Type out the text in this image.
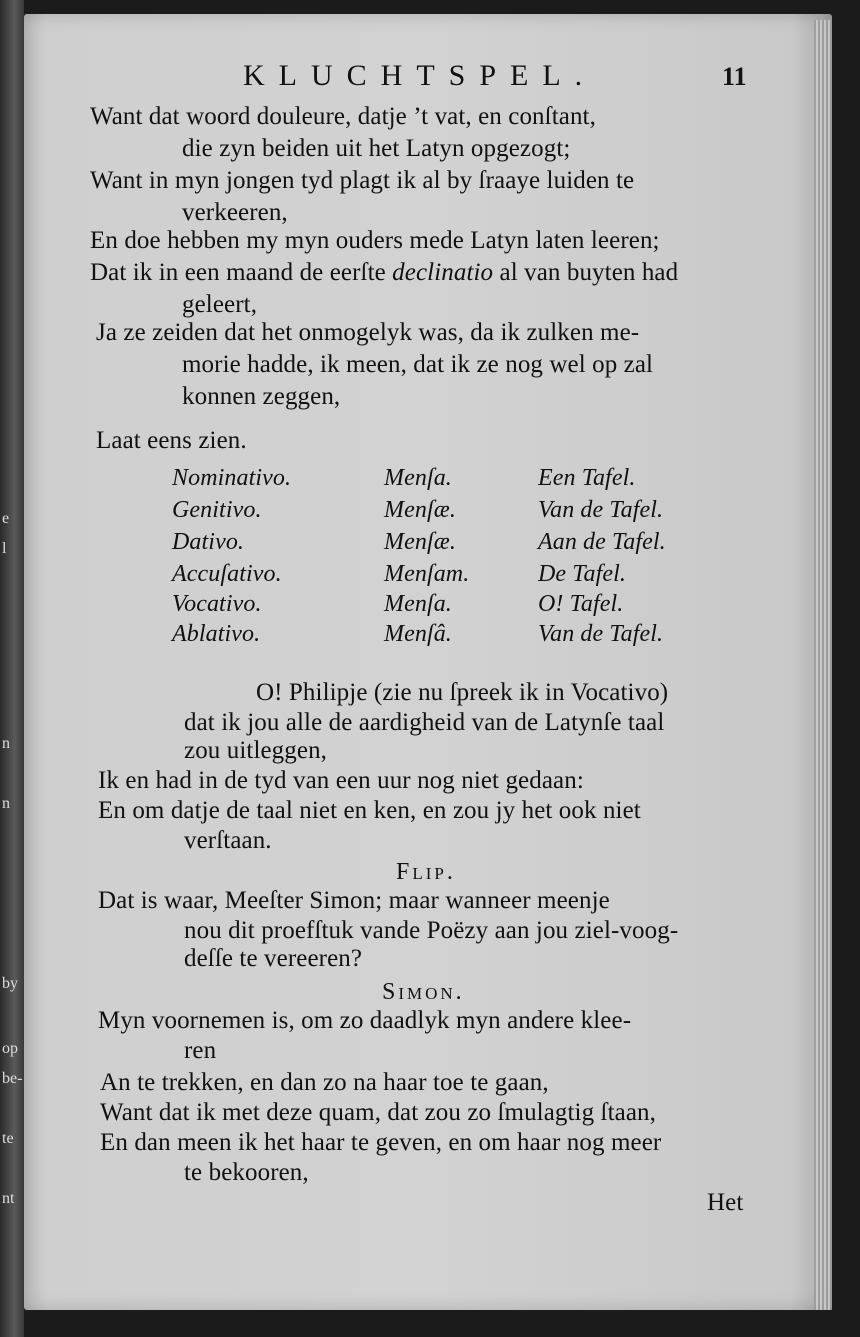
e
l
n
n
by
op
be-
te
nt
KLUCHTSPEL.	11
Want dat woord douleure, datje ’t vat, en conſtant,
die zyn beiden uit het Latyn opgezogt;
Want in myn jongen tyd plagt ik al by ſraaye luiden te
verkeeren,
En doe hebben my myn ouders mede Latyn laten leeren;
Dat ik in een maand de eerſte declinatio al van buyten had
geleert,
Ja ze zeiden dat het onmogelyk was, da ik zulken me-
morie hadde, ik meen, dat ik ze nog wel op zal
konnen zeggen,
Laat eens zien.
Nominativo.
Genitivo.
Dativo.
Accuſativo.
Vocativo.
Ablativo.
Menſa.
Menſæ.
Menſæ.
Menſam.
Menſa.
Menſâ.
Een Tafel.
Van de Tafel.
Aan de Tafel.
De Tafel.
O! Tafel.
Van de Tafel.
O! Philipje (zie nu ſpreek ik in Vocativo)
dat ik jou alle de aardigheid van de Latynſe taal
zou uitleggen,
Ik en had in de tyd van een uur nog niet gedaan:
En om datje de taal niet en ken, en zou jy het ook niet
verſtaan.
Flip.
Dat is waar, Meeſter Simon; maar wanneer meenje
nou dit proefſtuk vande Poëzy aan jou ziel-voog-
deſſe te vereeren?
Simon.
Myn voornemen is, om zo daadlyk myn andere klee-
ren
An te trekken, en dan zo na haar toe te gaan,
Want dat ik met deze quam, dat zou zo ſmulagtig ſtaan,
En dan meen ik het haar te geven, en om haar nog meer
te bekooren,
Het
